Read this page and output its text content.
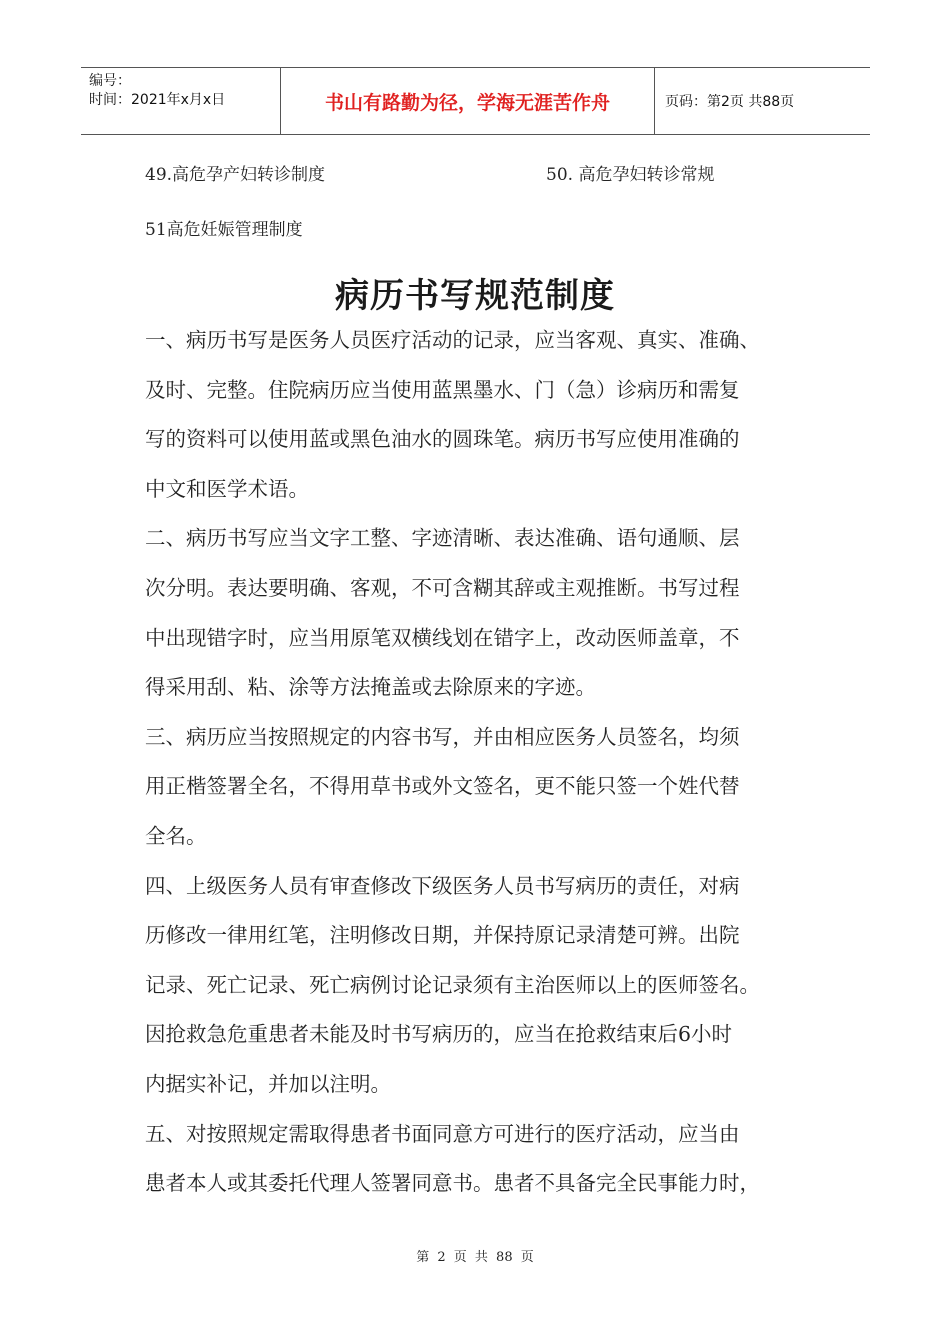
编号：
时间：2021年x月x日	书山有路勤为径，学海无涯苦作舟	页码：第2页 共88页
49.高危孕产妇转诊制度	50. 高危孕妇转诊常规
51高危妊娠管理制度
病历书写规范制度
一、病历书写是医务人员医疗活动的记录，应当客观、真实、准确、
及时、完整。住院病历应当使用蓝黑墨水、门（急）诊病历和需复
写的资料可以使用蓝或黑色油水的圆珠笔。病历书写应使用准确的
中文和医学术语。
二、病历书写应当文字工整、字迹清晰、表达准确、语句通顺、层
次分明。表达要明确、客观，不可含糊其辞或主观推断。书写过程
中出现错字时，应当用原笔双横线划在错字上，改动医师盖章，不
得采用刮、粘、涂等方法掩盖或去除原来的字迹。
三、病历应当按照规定的内容书写，并由相应医务人员签名，均须
用正楷签署全名，不得用草书或外文签名，更不能只签一个姓代替
全名。
四、上级医务人员有审查修改下级医务人员书写病历的责任，对病
历修改一律用红笔，注明修改日期，并保持原记录清楚可辨。出院
记录、死亡记录、死亡病例讨论记录须有主治医师以上的医师签名。
因抢救急危重患者未能及时书写病历的，应当在抢救结束后6小时
内据实补记，并加以注明。
五、对按照规定需取得患者书面同意方可进行的医疗活动，应当由
患者本人或其委托代理人签署同意书。患者不具备完全民事能力时，
第 2 页 共 88 页
